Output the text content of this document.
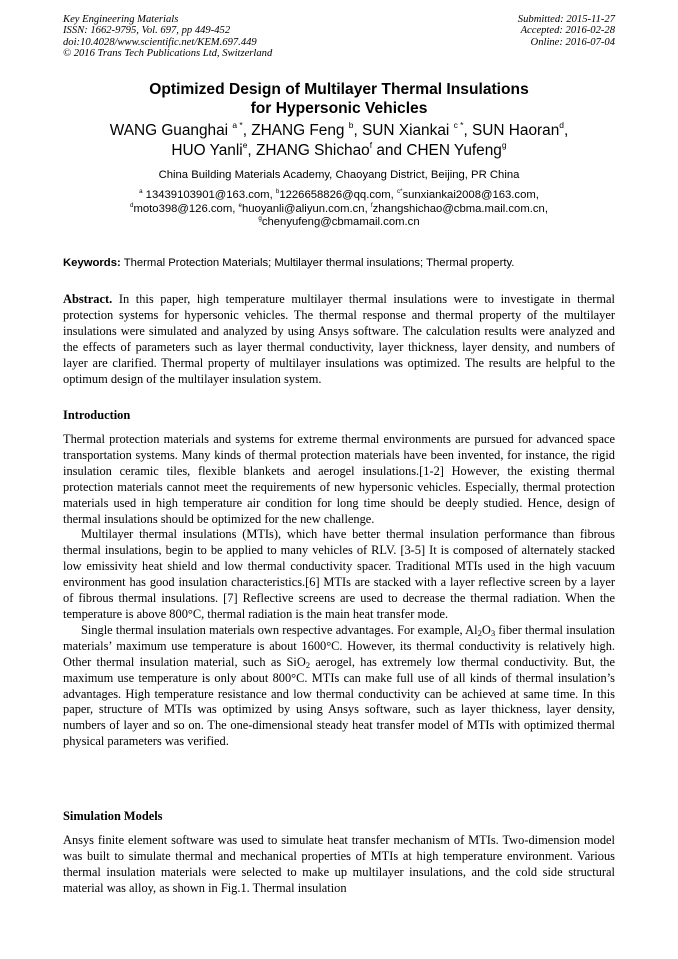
Key Engineering Materials
ISSN: 1662-9795, Vol. 697, pp 449-452
doi:10.4028/www.scientific.net/KEM.697.449
© 2016 Trans Tech Publications Ltd, Switzerland
Submitted: 2015-11-27
Accepted: 2016-02-28
Online: 2016-07-04
Optimized Design of Multilayer Thermal Insulations
for Hypersonic Vehicles
WANG Guanghai $^{a *}$, ZHANG Feng $^b$, SUN Xiankai $^{c *}$, SUN Haoran$^d$,
HUO Yanli$^e$, ZHANG Shichao$^f$ and CHEN Yufeng$^g$
China Building Materials Academy, Chaoyang District, Beijing, PR China
$^a$ 13439103901@163.com, $^b$1226658826@qq.com, $^{c*}$sunxiankai2008@163.com,
$^d$moto398@126.com, $^e$huoyanli@aliyun.com.cn, $^f$zhangshichao@cbma.mail.com.cn,
$^g$chenyufeng@cbmamail.com.cn
Keywords: Thermal Protection Materials; Multilayer thermal insulations; Thermal property.

Abstract. In this paper, high temperature multilayer thermal insulations were to investigate in thermal protection systems for hypersonic vehicles. The thermal response and thermal property of the multilayer insulations were simulated and analyzed by using Ansys software. The calculation results were analyzed and the effects of parameters such as layer thermal conductivity, layer thickness, layer density, and numbers of layer are clarified. Thermal property of multilayer insulations was optimized. The results are helpful to the optimum design of the multilayer insulation system.

Introduction

Thermal protection materials and systems for extreme thermal environments are pursued for advanced space transportation systems. Many kinds of thermal protection materials have been invented, for instance, the rigid insulation ceramic tiles, flexible blankets and aerogel insulations.[1-2] However, the existing thermal protection materials cannot meet the requirements of new hypersonic vehicles. Especially, thermal protection materials used in high temperature air condition for long time should be deeply studied. Hence, design of thermal insulations should be optimized for the new challenge.

Multilayer thermal insulations (MTIs), which have better thermal insulation performance than fibrous thermal insulations, begin to be applied to many vehicles of RLV. [3-5] It is composed of alternately stacked low emissivity heat shield and low thermal conductivity spacer. Traditional MTIs used in the high vacuum environment has good insulation characteristics.[6] MTIs are stacked with a layer reflective screen by a layer of fibrous thermal insulations. [7] Reflective screens are used to decrease the thermal radiation. When the temperature is above 800°C, thermal radiation is the main heat transfer mode.

Single thermal insulation materials own respective advantages. For example, $Al_2O_3$ fiber thermal insulation materials’ maximum use temperature is about 1600°C. However, its thermal conductivity is relatively high. Other thermal insulation material, such as SiO$_2$ aerogel, has extremely low thermal conductivity. But, the maximum use temperature is only about 800°C. MTIs can make full use of all kinds of thermal insulation’s advantages. High temperature resistance and low thermal conductivity can be achieved at same time. In this paper, structure of MTIs was optimized by using Ansys software, such as layer thickness, layer density, numbers of layer and so on. The one-dimensional steady heat transfer model of MTIs with optimized thermal physical parameters was verified.

Simulation Models

Ansys finite element software was used to simulate heat transfer mechanism of MTIs. Two-dimension model was built to simulate thermal and mechanical properties of MTIs at high temperature environment. Various thermal insulation materials were selected to make up multilayer insulations, and the cold side structural material was alloy, as shown in Fig.1. Thermal insulation
